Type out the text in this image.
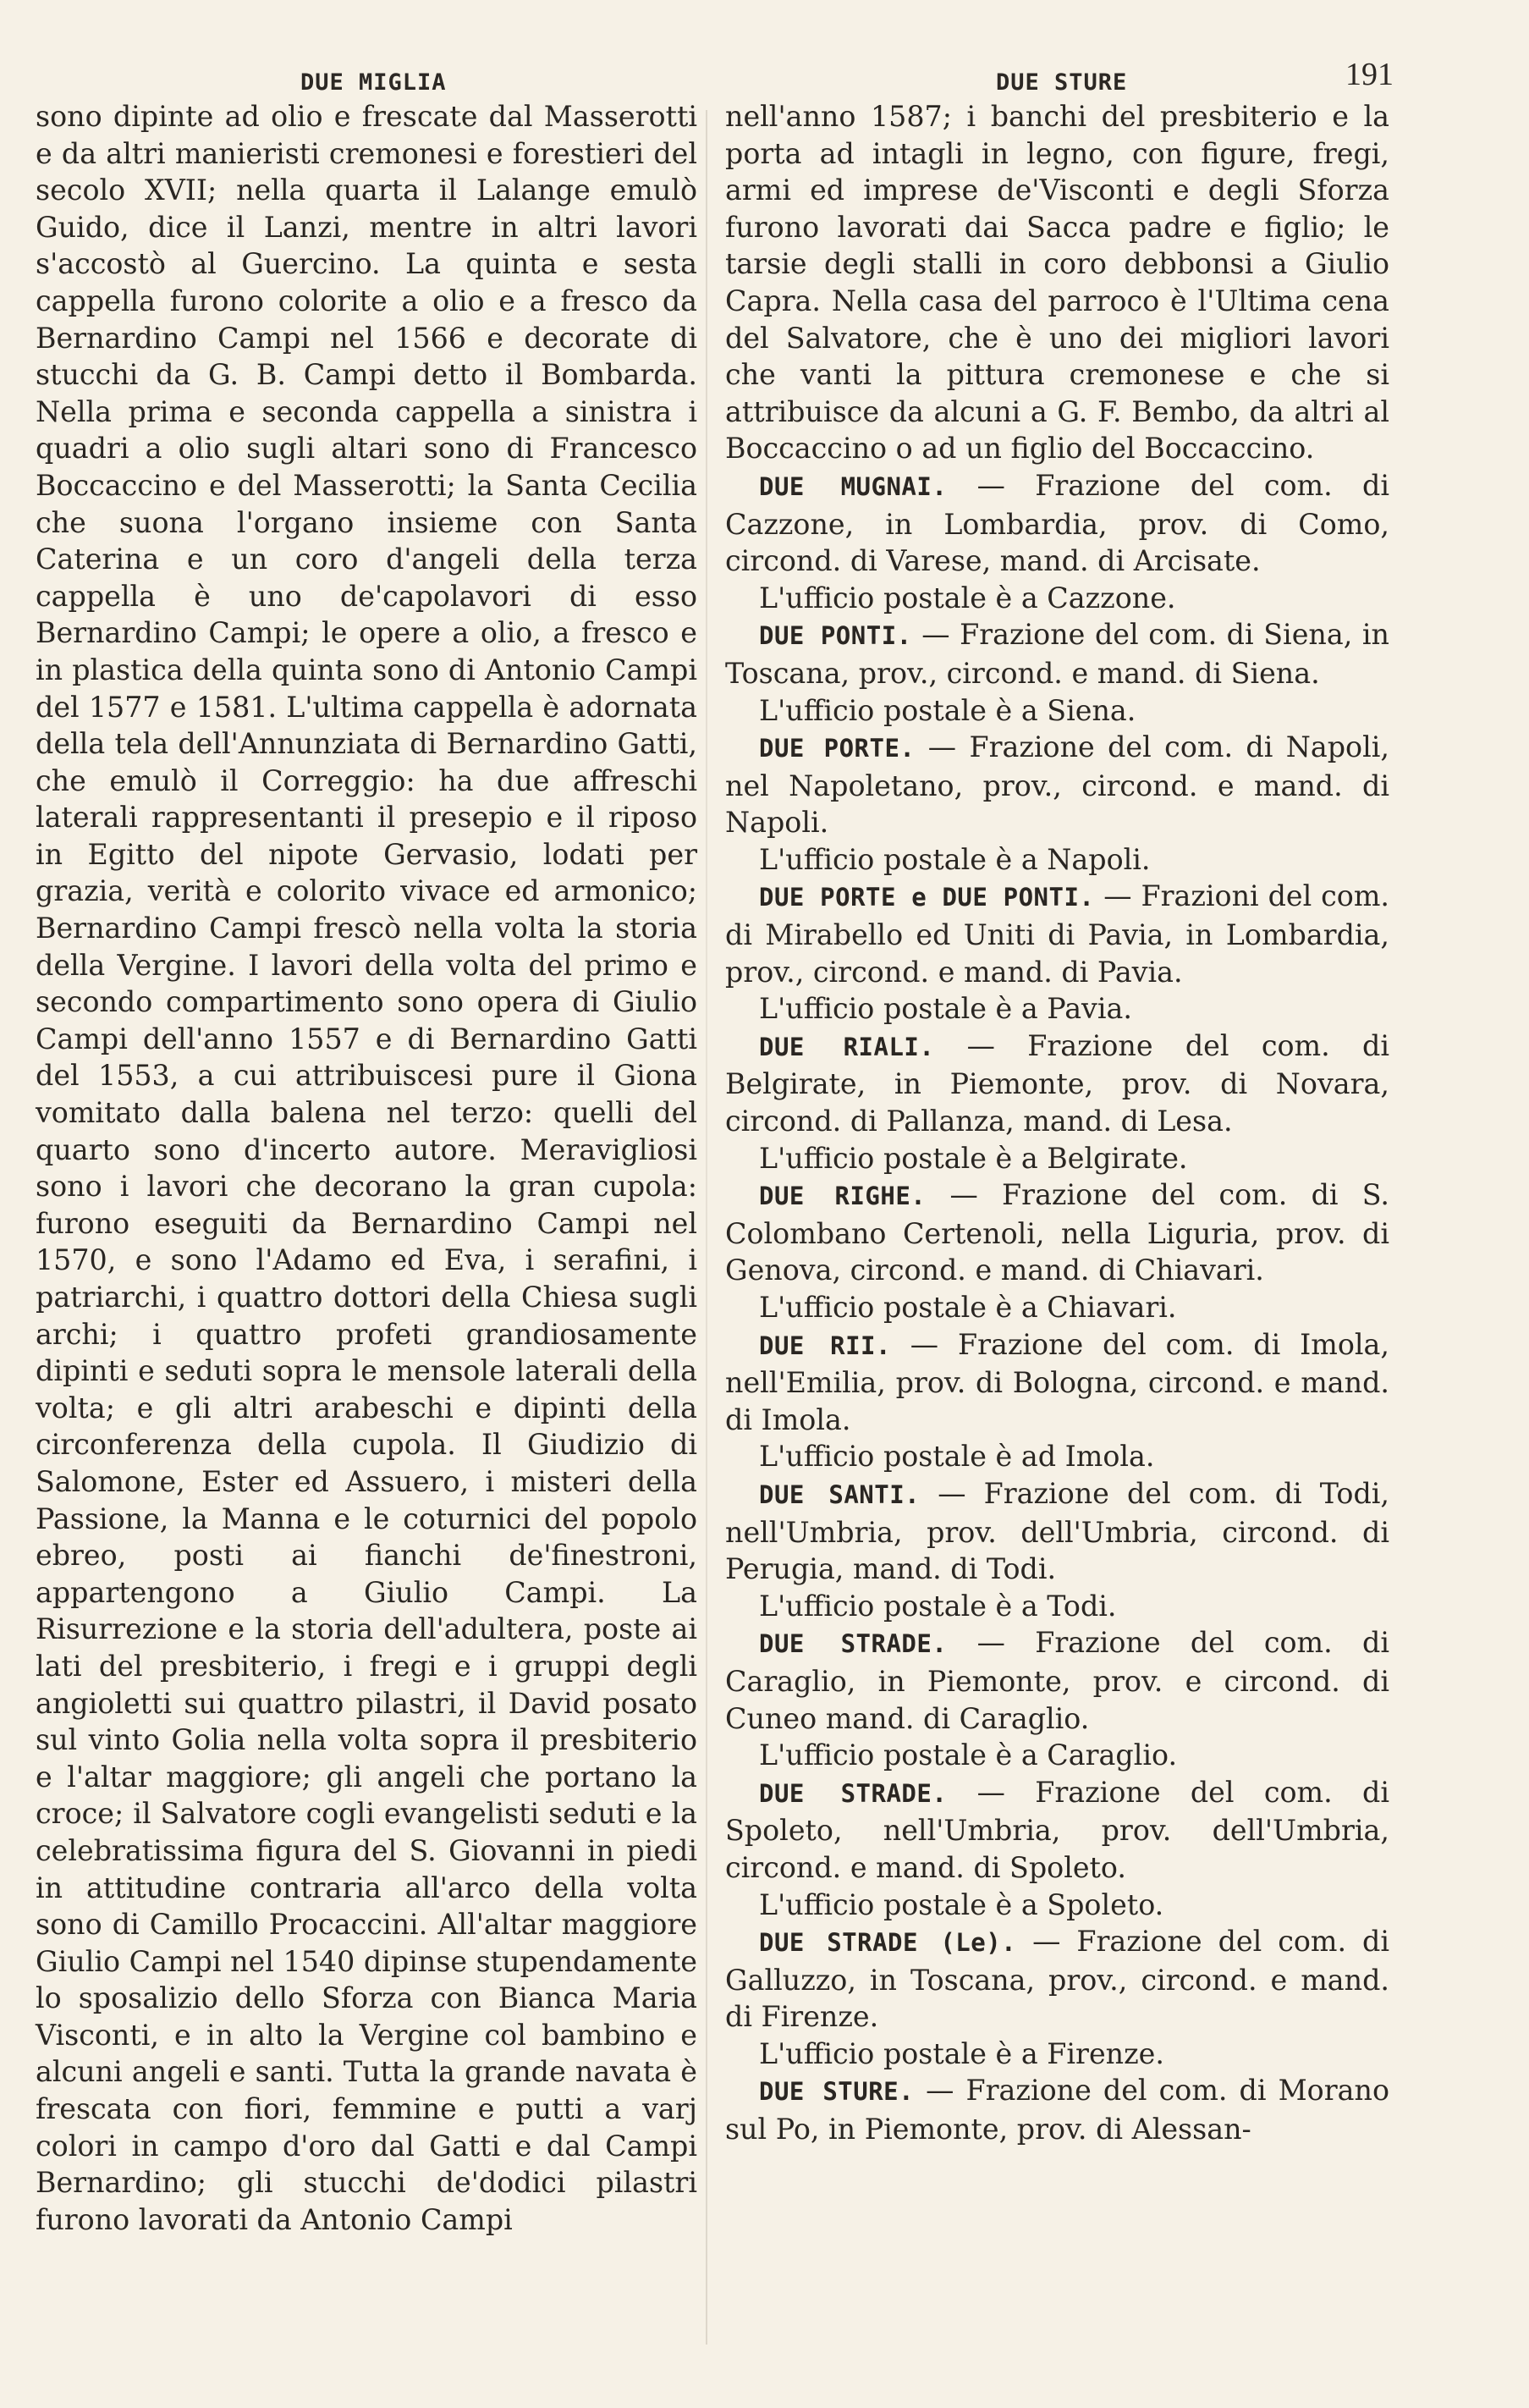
DUE MIGLIA	DUE STURE	191

sono dipinte ad olio e frescate dal Masserotti e da altri manieristi cremonesi e forestieri del secolo XVII; nella quarta il Lalange emulò Guido, dice il Lanzi, mentre in altri lavori s'accostò al Guercino. La quinta e sesta cappella furono colorite a olio e a fresco da Bernardino Campi nel 1566 e decorate di stucchi da G. B. Campi detto il Bombarda. Nella prima e seconda cappella a sinistra i quadri a olio sugli altari sono di Francesco Boccaccino e del Masserotti; la Santa Cecilia che suona l'organo insieme con Santa Caterina e un coro d'angeli della terza cappella è uno de'capolavori di esso Bernardino Campi; le opere a olio, a fresco e in plastica della quinta sono di Antonio Campi del 1577 e 1581. L'ultima cappella è adornata della tela dell'Annunziata di Bernardino Gatti, che emulò il Correggio: ha due affreschi laterali rappresentanti il presepio e il riposo in Egitto del nipote Gervasio, lodati per grazia, verità e colorito vivace ed armonico; Bernardino Campi frescò nella volta la storia della Vergine. I lavori della volta del primo e secondo compartimento sono opera di Giulio Campi dell'anno 1557 e di Bernardino Gatti del 1553, a cui attribuiscesi pure il Giona vomitato dalla balena nel terzo: quelli del quarto sono d'incerto autore. Meravigliosi sono i lavori che decorano la gran cupola: furono eseguiti da Bernardino Campi nel 1570, e sono l'Adamo ed Eva, i serafini, i patriarchi, i quattro dottori della Chiesa sugli archi; i quattro profeti grandiosamente dipinti e seduti sopra le mensole laterali della volta; e gli altri arabeschi e dipinti della circonferenza della cupola. Il Giudizio di Salomone, Ester ed Assuero, i misteri della Passione, la Manna e le coturnici del popolo ebreo, posti ai fianchi de'finestroni, appartengono a Giulio Campi. La Risurrezione e la storia dell'adultera, poste ai lati del presbiterio, i fregi e i gruppi degli angioletti sui quattro pilastri, il David posato sul vinto Golia nella volta sopra il presbiterio e l'altar maggiore; gli angeli che portano la croce; il Salvatore cogli evangelisti seduti e la celebratissima figura del S. Giovanni in piedi in attitudine contraria all'arco della volta sono di Camillo Procaccini. All'altar maggiore Giulio Campi nel 1540 dipinse stupendamente lo sposalizio dello Sforza con Bianca Maria Visconti, e in alto la Vergine col bambino e alcuni angeli e santi. Tutta la grande navata è frescata con fiori, femmine e putti a varj colori in campo d'oro dal Gatti e dal Campi Bernardino; gli stucchi de'dodici pilastri furono lavorati da Antonio Campi

nell'anno 1587; i banchi del presbiterio e la porta ad intagli in legno, con figure, fregi, armi ed imprese de'Visconti e degli Sforza furono lavorati dai Sacca padre e figlio; le tarsie degli stalli in coro debbonsi a Giulio Capra. Nella casa del parroco è l'Ultima cena del Salvatore, che è uno dei migliori lavori che vanti la pittura cremonese e che si attribuisce da alcuni a G. F. Bembo, da altri al Boccaccino o ad un figlio del Boccaccino.

DUE MUGNAI. — Frazione del com. di Cazzone, in Lombardia, prov. di Como, circond. di Varese, mand. di Arcisate.

L'ufficio postale è a Cazzone.

DUE PONTI. — Frazione del com. di Siena, in Toscana, prov., circond. e mand. di Siena.

L'ufficio postale è a Siena.

DUE PORTE. — Frazione del com. di Napoli, nel Napoletano, prov., circond. e mand. di Napoli.

L'ufficio postale è a Napoli.

DUE PORTE e DUE PONTI. — Frazioni del com. di Mirabello ed Uniti di Pavia, in Lombardia, prov., circond. e mand. di Pavia.

L'ufficio postale è a Pavia.

DUE RIALI. — Frazione del com. di Belgirate, in Piemonte, prov. di Novara, circond. di Pallanza, mand. di Lesa.

L'ufficio postale è a Belgirate.

DUE RIGHE. — Frazione del com. di S. Colombano Certenoli, nella Liguria, prov. di Genova, circond. e mand. di Chiavari.

L'ufficio postale è a Chiavari.

DUE RII. — Frazione del com. di Imola, nell'Emilia, prov. di Bologna, circond. e mand. di Imola.

L'ufficio postale è ad Imola.

DUE SANTI. — Frazione del com. di Todi, nell'Umbria, prov. dell'Umbria, circond. di Perugia, mand. di Todi.

L'ufficio postale è a Todi.

DUE STRADE. — Frazione del com. di Caraglio, in Piemonte, prov. e circond. di Cuneo mand. di Caraglio.

L'ufficio postale è a Caraglio.

DUE STRADE. — Frazione del com. di Spoleto, nell'Umbria, prov. dell'Umbria, circond. e mand. di Spoleto.

L'ufficio postale è a Spoleto.

DUE STRADE (Le). — Frazione del com. di Galluzzo, in Toscana, prov., circond. e mand. di Firenze.

L'ufficio postale è a Firenze.

DUE STURE. — Frazione del com. di Morano sul Po, in Piemonte, prov. di Alessan-
